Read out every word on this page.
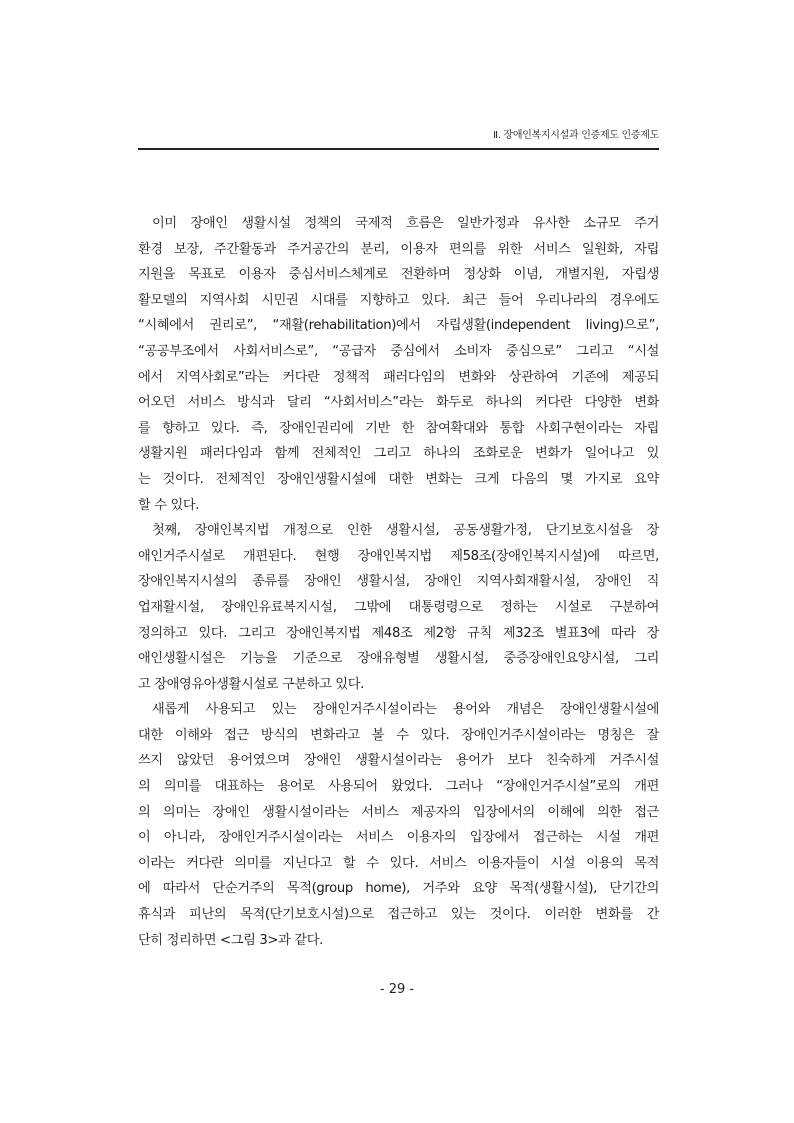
Ⅱ. 장애인복지시설과 인증제도 인증제도
이미 장애인 생활시설 정책의 국제적 흐름은 일반가정과 유사한 소규모 주거
환경 보장, 주간활동과 주거공간의 분리, 이용자 편의를 위한 서비스 일원화, 자립
지원을 목표로 이용자 중심서비스체계로 전환하며 정상화 이념, 개별지원, 자립생
활모델의 지역사회 시민권 시대를 지향하고 있다. 최근 들어 우리나라의 경우에도
“시혜에서 권리로”, “재활(rehabilitation)에서 자립생활(independent living)으로”,
“공공부조에서 사회서비스로”, “공급자 중심에서 소비자 중심으로” 그리고 “시설
에서 지역사회로”라는 커다란 정책적 패러다임의 변화와 상관하여 기존에 제공되
어오던 서비스 방식과 달리 “사회서비스”라는 화두로 하나의 커다란 다양한 변화
를 향하고 있다. 즉, 장애인권리에 기반 한 참여확대와 통합 사회구현이라는 자립
생활지원 패러다임과 함께 전체적인 그리고 하나의 조화로운 변화가 일어나고 있
는 것이다. 전체적인 장애인생활시설에 대한 변화는 크게 다음의 몇 가지로 요약
할 수 있다.
첫째, 장애인복지법 개정으로 인한 생활시설, 공동생활가정, 단기보호시설을 장
애인거주시설로 개편된다. 현행 장애인복지법 제58조(장애인복지시설)에 따르면,
장애인복지시설의 종류를 장애인 생활시설, 장애인 지역사회재활시설, 장애인 직
업재활시설, 장애인유료복지시설, 그밖에 대통령령으로 정하는 시설로 구분하여
정의하고 있다. 그리고 장애인복지법 제48조 제2항 규칙 제32조 별표3에 따라 장
애인생활시설은 기능을 기준으로 장애유형별 생활시설, 중증장애인요양시설, 그리
고 장애영유아생활시설로 구분하고 있다.
새롭게 사용되고 있는 장애인거주시설이라는 용어와 개념은 장애인생활시설에
대한 이해와 접근 방식의 변화라고 볼 수 있다. 장애인거주시설이라는 명칭은 잘
쓰지 않았던 용어였으며 장애인 생활시설이라는 용어가 보다 친숙하게 거주시설
의 의미를 대표하는 용어로 사용되어 왔었다. 그러나 “장애인거주시설”로의 개편
의 의미는 장애인 생활시설이라는 서비스 제공자의 입장에서의 이해에 의한 접근
이 아니라, 장애인거주시설이라는 서비스 이용자의 입장에서 접근하는 시설 개편
이라는 커다란 의미를 지닌다고 할 수 있다. 서비스 이용자들이 시설 이용의 목적
에 따라서 단순거주의 목적(group home), 거주와 요양 목적(생활시설), 단기간의
휴식과 피난의 목적(단기보호시설)으로 접근하고 있는 것이다. 이러한 변화를 간
단히 정리하면 <그림 3>과 같다.
- 29 -
